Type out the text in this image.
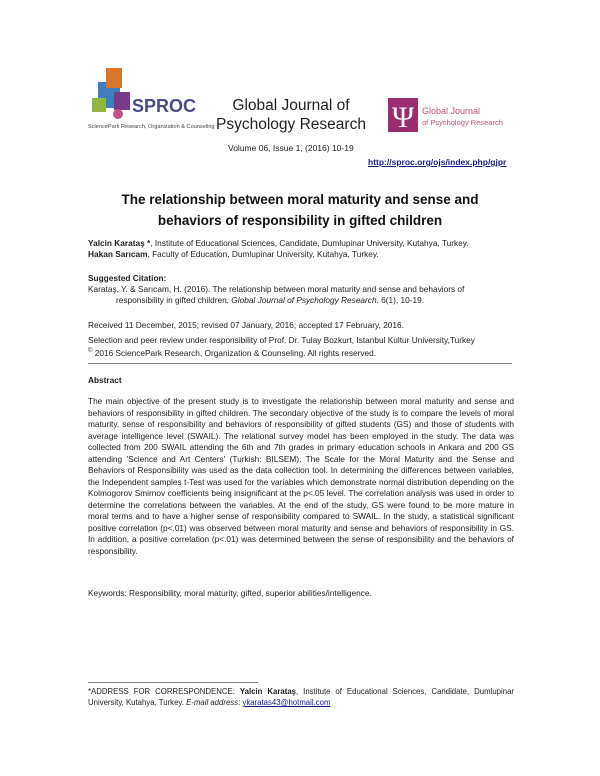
SPROC
SciencePark Research, Organization & Counseling
Global Journal of
Psychology Research
Volume 06, Issue 1, (2016) 10-19
Ψ Global Journal
of Psychology Research
http://sproc.org/ojs/index.php/gjpr
The relationship between moral maturity and sense and
behaviors of responsibility in gifted children
Yalcin Karataş *, Institute of Educational Sciences, Candidate, Dumlupinar University, Kutahya, Turkey.
Hakan Sarıcam, Faculty of Education, Dumlupinar University, Kutahya, Turkey.
Suggested Citation:
Karataş, Y. & Sarıcam, H. (2016). The relationship between moral maturity and sense and behaviors of
responsibility in gifted children. Global Journal of Psychology Research. 6(1), 10-19.
Received 11 December, 2015; revised 07 January, 2016; accepted 17 February, 2016.
Selection and peer review under responsibility of Prof. Dr. Tulay Bozkurt, Istanbul Kultur University,Turkey
© 2016 SciencePark Research, Organization & Counseling. All rights reserved.
Abstract
The main objective of the present study is to investigate the relationship between moral maturity and sense and behaviors of responsibility in gifted children. The secondary objective of the study is to compare the levels of moral maturity, sense of responsibility and behaviors of responsibility of gifted students (GS) and those of students with average intelligence level (SWAIL). The relational survey model has been employed in the study. The data was collected from 200 SWAIL attending the 6th and 7th grades in primary education schools in Ankara and 200 GS attending 'Science and Art Centers' (Turkish: BILSEM). The Scale for the Moral Maturity and the Sense and Behaviors of Responsibility was used as the data collection tool. In determining the differences between variables, the Independent samples t-Test was used for the variables which demonstrate normal distribution depending on the Kolmogorov Smirnov coefficients being insignificant at the p<.05 level. The correlation analysis was used in order to determine the correlations between the variables. At the end of the study, GS were found to be more mature in moral terms and to have a higher sense of responsibility compared to SWAIL. In the study, a statistical significant positive correlation (p<.01) was observed between moral maturity and sense and behaviors of responsibility in GS. In addition, a positive correlation (p<.01) was determined between the sense of responsibility and the behaviors of responsibility.
Keywords: Responsibility, moral maturity, gifted, superior abilities/intelligence.
*ADDRESS FOR CORRESPONDENCE: Yalcin Karataş, Institute of Educational Sciences, Candidate, Dumlupinar University, Kutahya, Turkey. E-mail address: ykaratas43@hotmail.com
